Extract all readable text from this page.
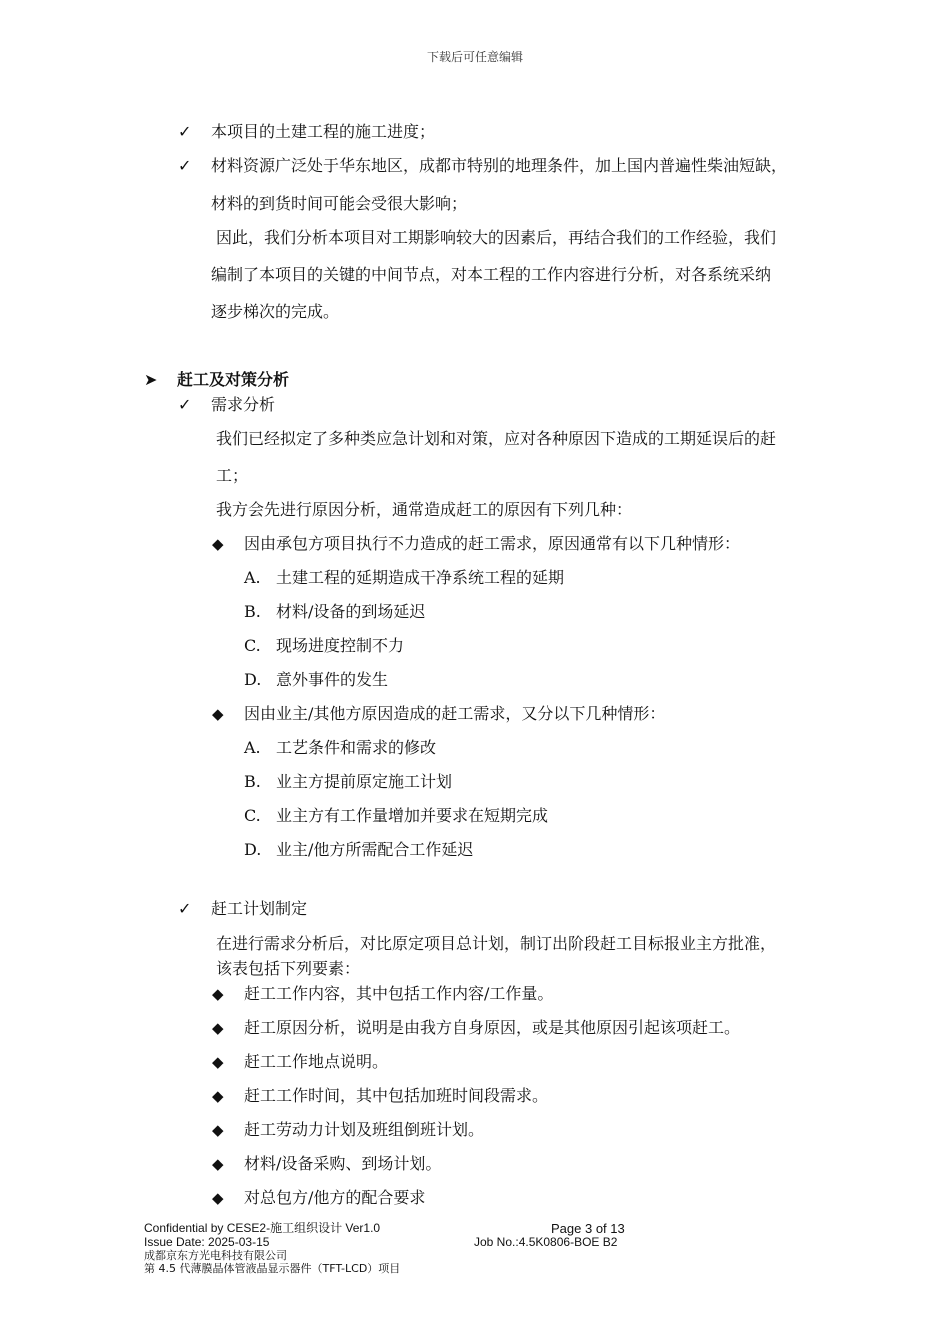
下载后可任意编辑
✓ 本项目的土建工程的施工进度；
✓ 材料资源广泛处于华东地区，成都市特别的地理条件，加上国内普遍性柴油短缺，
材料的到货时间可能会受很大影响；
因此，我们分析本项目对工期影响较大的因素后，再结合我们的工作经验，我们
编制了本项目的关键的中间节点，对本工程的工作内容进行分析，对各系统采纳
逐步梯次的完成。
➤ 赶工及对策分析
✓ 需求分析
我们已经拟定了多种类应急计划和对策，应对各种原因下造成的工期延误后的赶
工；
我方会先进行原因分析，通常造成赶工的原因有下列几种：
◆ 因由承包方项目执行不力造成的赶工需求，原因通常有以下几种情形：
A. 土建工程的延期造成干净系统工程的延期
B. 材料/设备的到场延迟
C. 现场进度控制不力
D. 意外事件的发生
◆ 因由业主/其他方原因造成的赶工需求，又分以下几种情形：
A. 工艺条件和需求的修改
B. 业主方提前原定施工计划
C. 业主方有工作量增加并要求在短期完成
D. 业主/他方所需配合工作延迟
✓ 赶工计划制定
在进行需求分析后，对比原定项目总计划，制订出阶段赶工目标报业主方批准，
该表包括下列要素：
◆ 赶工工作内容，其中包括工作内容/工作量。
◆ 赶工原因分析，说明是由我方自身原因，或是其他原因引起该项赶工。
◆ 赶工工作地点说明。
◆ 赶工工作时间，其中包括加班时间段需求。
◆ 赶工劳动力计划及班组倒班计划。
◆ 材料/设备采购、到场计划。
◆ 对总包方/他方的配合要求
Confidential by CESE2-施工组织设计 Ver1.0	Page 3 of 13
Issue Date: 2025-03-15	Job No.:4.5K0806-BOE B2
成都京东方光电科技有限公司
第 4.5 代薄膜晶体管液晶显示器件（TFT-LCD）项目
